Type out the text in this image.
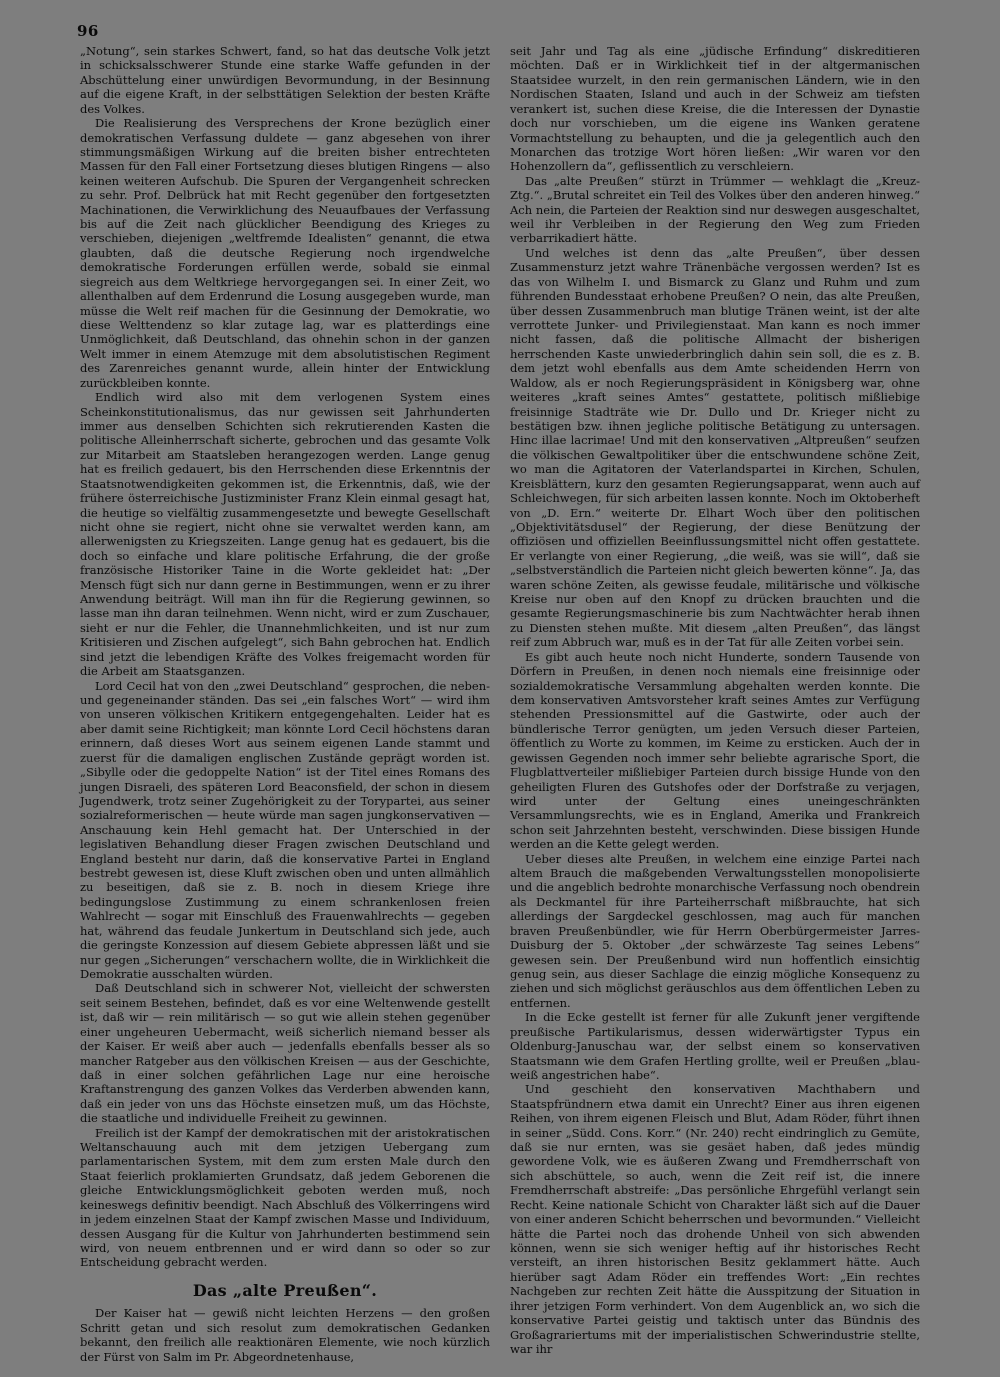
96

„Notung“, sein starkes Schwert, fand, so hat das deutsche Volk jetzt in schicksalsschwerer Stunde eine starke Waffe gefunden in der Abschüttelung einer unwürdigen Bevormundung, in der Besinnung auf die eigene Kraft, in der selbsttätigen Selektion der besten Kräfte des Volkes.

Die Realisierung des Versprechens der Krone bezüglich einer demokratischen Verfassung duldete — ganz abgesehen von ihrer stimmungsmäßigen Wirkung auf die breiten bisher entrechteten Massen für den Fall einer Fortsetzung dieses blutigen Ringens — also keinen weiteren Aufschub. Die Spuren der Vergangenheit schrecken zu sehr. Prof. Delbrück hat mit Recht gegenüber den fortgesetzten Machinationen, die Verwirklichung des Neuaufbaues der Verfassung bis auf die Zeit nach glücklicher Beendigung des Krieges zu verschieben, diejenigen „weltfremde Idealisten“ genannt, die etwa glaubten, daß die deutsche Regierung noch irgendwelche demokratische Forderungen erfüllen werde, sobald sie einmal siegreich aus dem Weltkriege hervorgegangen sei. In einer Zeit, wo allenthalben auf dem Erdenrund die Losung ausgegeben wurde, man müsse die Welt reif machen für die Gesinnung der Demokratie, wo diese Welttendenz so klar zutage lag, war es platterdings eine Unmöglichkeit, daß Deutschland, das ohnehin schon in der ganzen Welt immer in einem Atemzuge mit dem absolutistischen Regiment des Zarenreiches genannt wurde, allein hinter der Entwicklung zurückbleiben konnte.

Endlich wird also mit dem verlogenen System eines Scheinkonstitutionalismus, das nur gewissen seit Jahrhunderten immer aus denselben Schichten sich rekrutierenden Kasten die politische Alleinherrschaft sicherte, gebrochen und das gesamte Volk zur Mitarbeit am Staatsleben herangezogen werden. Lange genug hat es freilich gedauert, bis den Herrschenden diese Erkenntnis der Staatsnotwendigkeiten gekommen ist, die Erkenntnis, daß, wie der frühere österreichische Justizminister Franz Klein einmal gesagt hat, die heutige so vielfältig zusammengesetzte und bewegte Gesellschaft nicht ohne sie regiert, nicht ohne sie verwaltet werden kann, am allerwenigsten zu Kriegszeiten. Lange genug hat es gedauert, bis die doch so einfache und klare politische Erfahrung, die der große französische Historiker Taine in die Worte gekleidet hat: „Der Mensch fügt sich nur dann gerne in Bestimmungen, wenn er zu ihrer Anwendung beiträgt. Will man ihn für die Regierung gewinnen, so lasse man ihn daran teilnehmen. Wenn nicht, wird er zum Zuschauer, sieht er nur die Fehler, die Unannehmlichkeiten, und ist nur zum Kritisieren und Zischen aufgelegt“, sich Bahn gebrochen hat. Endlich sind jetzt die lebendigen Kräfte des Volkes freigemacht worden für die Arbeit am Staatsganzen.

Lord Cecil hat von den „zwei Deutschland“ gesprochen, die neben- und gegeneinander ständen. Das sei „ein falsches Wort“ — wird ihm von unseren völkischen Kritikern entgegengehalten. Leider hat es aber damit seine Richtigkeit; man könnte Lord Cecil höchstens daran erinnern, daß dieses Wort aus seinem eigenen Lande stammt und zuerst für die damaligen englischen Zustände geprägt worden ist. „Sibylle oder die gedoppelte Nation“ ist der Titel eines Romans des jungen Disraeli, des späteren Lord Beaconsfield, der schon in diesem Jugendwerk, trotz seiner Zugehörigkeit zu der Torypartei, aus seiner sozialreformerischen — heute würde man sagen jungkonservativen — Anschauung kein Hehl gemacht hat. Der Unterschied in der legislativen Behandlung dieser Fragen zwischen Deutschland und England besteht nur darin, daß die konservative Partei in England bestrebt gewesen ist, diese Kluft zwischen oben und unten allmählich zu beseitigen, daß sie z. B. noch in diesem Kriege ihre bedingungslose Zustimmung zu einem schrankenlosen freien Wahlrecht — sogar mit Einschluß des Frauenwahlrechts — gegeben hat, während das feudale Junkertum in Deutschland sich jede, auch die geringste Konzession auf diesem Gebiete abpressen läßt und sie nur gegen „Sicherungen“ verschachern wollte, die in Wirklichkeit die Demokratie ausschalten würden.

Daß Deutschland sich in schwerer Not, vielleicht der schwersten seit seinem Bestehen, befindet, daß es vor eine Weltenwende gestellt ist, daß wir — rein militärisch — so gut wie allein stehen gegenüber einer ungeheuren Uebermacht, weiß sicherlich niemand besser als der Kaiser. Er weiß aber auch — jedenfalls ebenfalls besser als so mancher Ratgeber aus den völkischen Kreisen — aus der Geschichte, daß in einer solchen gefährlichen Lage nur eine heroische Kraftanstrengung des ganzen Volkes das Verderben abwenden kann, daß ein jeder von uns das Höchste einsetzen muß, um das Höchste, die staatliche und individuelle Freiheit zu gewinnen.

Freilich ist der Kampf der demokratischen mit der aristokratischen Weltanschauung auch mit dem jetzigen Uebergang zum parlamentarischen System, mit dem zum ersten Male durch den Staat feierlich proklamierten Grundsatz, daß jedem Geborenen die gleiche Entwicklungsmöglichkeit geboten werden muß, noch keineswegs definitiv beendigt. Nach Abschluß des Völkerringens wird in jedem einzelnen Staat der Kampf zwischen Masse und Individuum, dessen Ausgang für die Kultur von Jahrhunderten bestimmend sein wird, von neuem entbrennen und er wird dann so oder so zur Entscheidung gebracht werden.

Das „alte Preußen“.

Der Kaiser hat — gewiß nicht leichten Herzens — den großen Schritt getan und sich resolut zum demokratischen Gedanken bekannt, den freilich alle reaktionären Elemente, wie noch kürzlich der Fürst von Salm im Pr. Abgeordnetenhause,

seit Jahr und Tag als eine „jüdische Erfindung“ diskreditieren möchten. Daß er in Wirklichkeit tief in der altgermanischen Staatsidee wurzelt, in den rein germanischen Ländern, wie in den Nordischen Staaten, Island und auch in der Schweiz am tiefsten verankert ist, suchen diese Kreise, die die Interessen der Dynastie doch nur vorschieben, um die eigene ins Wanken geratene Vormachtstellung zu behaupten, und die ja gelegentlich auch den Monarchen das trotzige Wort hören ließen: „Wir waren vor den Hohenzollern da“, geflissentlich zu verschleiern.

Das „alte Preußen“ stürzt in Trümmer — wehklagt die „Kreuz-Ztg.“. „Brutal schreitet ein Teil des Volkes über den anderen hinweg.“ Ach nein, die Parteien der Reaktion sind nur deswegen ausgeschaltet, weil ihr Verbleiben in der Regierung den Weg zum Frieden verbarrikadiert hätte.

Und welches ist denn das „alte Preußen“, über dessen Zusammensturz jetzt wahre Tränenbäche vergossen werden? Ist es das von Wilhelm I. und Bismarck zu Glanz und Ruhm und zum führenden Bundesstaat erhobene Preußen? O nein, das alte Preußen, über dessen Zusammenbruch man blutige Tränen weint, ist der alte verrottete Junker- und Privilegienstaat. Man kann es noch immer nicht fassen, daß die politische Allmacht der bisherigen herrschenden Kaste unwiederbringlich dahin sein soll, die es z. B. dem jetzt wohl ebenfalls aus dem Amte scheidenden Herrn von Waldow, als er noch Regierungspräsident in Königsberg war, ohne weiteres „kraft seines Amtes“ gestattete, politisch mißliebige freisinnige Stadträte wie Dr. Dullo und Dr. Krieger nicht zu bestätigen bzw. ihnen jegliche politische Betätigung zu untersagen. Hinc illae lacrimae! Und mit den konservativen „Altpreußen“ seufzen die völkischen Gewaltpolitiker über die entschwundene schöne Zeit, wo man die Agitatoren der Vaterlandspartei in Kirchen, Schulen, Kreisblättern, kurz den gesamten Regierungsapparat, wenn auch auf Schleichwegen, für sich arbeiten lassen konnte. Noch im Oktoberheft von „D. Ern.“ weiterte Dr. Elhart Woch über den politischen „Objektivitätsdusel“ der Regierung, der diese Benützung der offiziösen und offiziellen Beeinflussungsmittel nicht offen gestattete. Er verlangte von einer Regierung, „die weiß, was sie will“, daß sie „selbstverständlich die Parteien nicht gleich bewerten könne“. Ja, das waren schöne Zeiten, als gewisse feudale, militärische und völkische Kreise nur oben auf den Knopf zu drücken brauchten und die gesamte Regierungsmaschinerie bis zum Nachtwächter herab ihnen zu Diensten stehen mußte. Mit diesem „alten Preußen“, das längst reif zum Abbruch war, muß es in der Tat für alle Zeiten vorbei sein.

Es gibt auch heute noch nicht Hunderte, sondern Tausende von Dörfern in Preußen, in denen noch niemals eine freisinnige oder sozialdemokratische Versammlung abgehalten werden konnte. Die dem konservativen Amtsvorsteher kraft seines Amtes zur Verfügung stehenden Pressionsmittel auf die Gastwirte, oder auch der bündlerische Terror genügten, um jeden Versuch dieser Parteien, öffentlich zu Worte zu kommen, im Keime zu ersticken. Auch der in gewissen Gegenden noch immer sehr beliebte agrarische Sport, die Flugblattverteiler mißliebiger Parteien durch bissige Hunde von den geheiligten Fluren des Gutshofes oder der Dorfstraße zu verjagen, wird unter der Geltung eines uneingeschränkten Versammlungsrechts, wie es in England, Amerika und Frankreich schon seit Jahrzehnten besteht, verschwinden. Diese bissigen Hunde werden an die Kette gelegt werden.

Ueber dieses alte Preußen, in welchem eine einzige Partei nach altem Brauch die maßgebenden Verwaltungsstellen monopolisierte und die angeblich bedrohte monarchische Verfassung noch obendrein als Deckmantel für ihre Parteiherrschaft mißbrauchte, hat sich allerdings der Sargdeckel geschlossen, mag auch für manchen braven Preußenbündler, wie für Herrn Oberbürgermeister Jarres-Duisburg der 5. Oktober „der schwärzeste Tag seines Lebens“ gewesen sein. Der Preußenbund wird nun hoffentlich einsichtig genug sein, aus dieser Sachlage die einzig mögliche Konsequenz zu ziehen und sich möglichst geräuschlos aus dem öffentlichen Leben zu entfernen.

In die Ecke gestellt ist ferner für alle Zukunft jener vergiftende preußische Partikularismus, dessen widerwärtigster Typus ein Oldenburg-Januschau war, der selbst einem so konservativen Staatsmann wie dem Grafen Hertling grollte, weil er Preußen „blau-weiß angestrichen habe“.

Und geschieht den konservativen Machthabern und Staatspfründnern etwa damit ein Unrecht? Einer aus ihren eigenen Reihen, von ihrem eigenen Fleisch und Blut, Adam Röder, führt ihnen in seiner „Südd. Cons. Korr.“ (Nr. 240) recht eindringlich zu Gemüte, daß sie nur ernten, was sie gesäet haben, daß jedes mündig gewordene Volk, wie es äußeren Zwang und Fremdherrschaft von sich abschüttele, so auch, wenn die Zeit reif ist, die innere Fremdherrschaft abstreife: „Das persönliche Ehrgefühl verlangt sein Recht. Keine nationale Schicht von Charakter läßt sich auf die Dauer von einer anderen Schicht beherrschen und bevormunden.“ Vielleicht hätte die Partei noch das drohende Unheil von sich abwenden können, wenn sie sich weniger heftig auf ihr historisches Recht versteift, an ihren historischen Besitz geklammert hätte. Auch hierüber sagt Adam Röder ein treffendes Wort: „Ein rechtes Nachgeben zur rechten Zeit hätte die Ausspitzung der Situation in ihrer jetzigen Form verhindert. Von dem Augenblick an, wo sich die konservative Partei geistig und taktisch unter das Bündnis des Großagrariertums mit der imperialistischen Schwerindustrie stellte, war ihr
